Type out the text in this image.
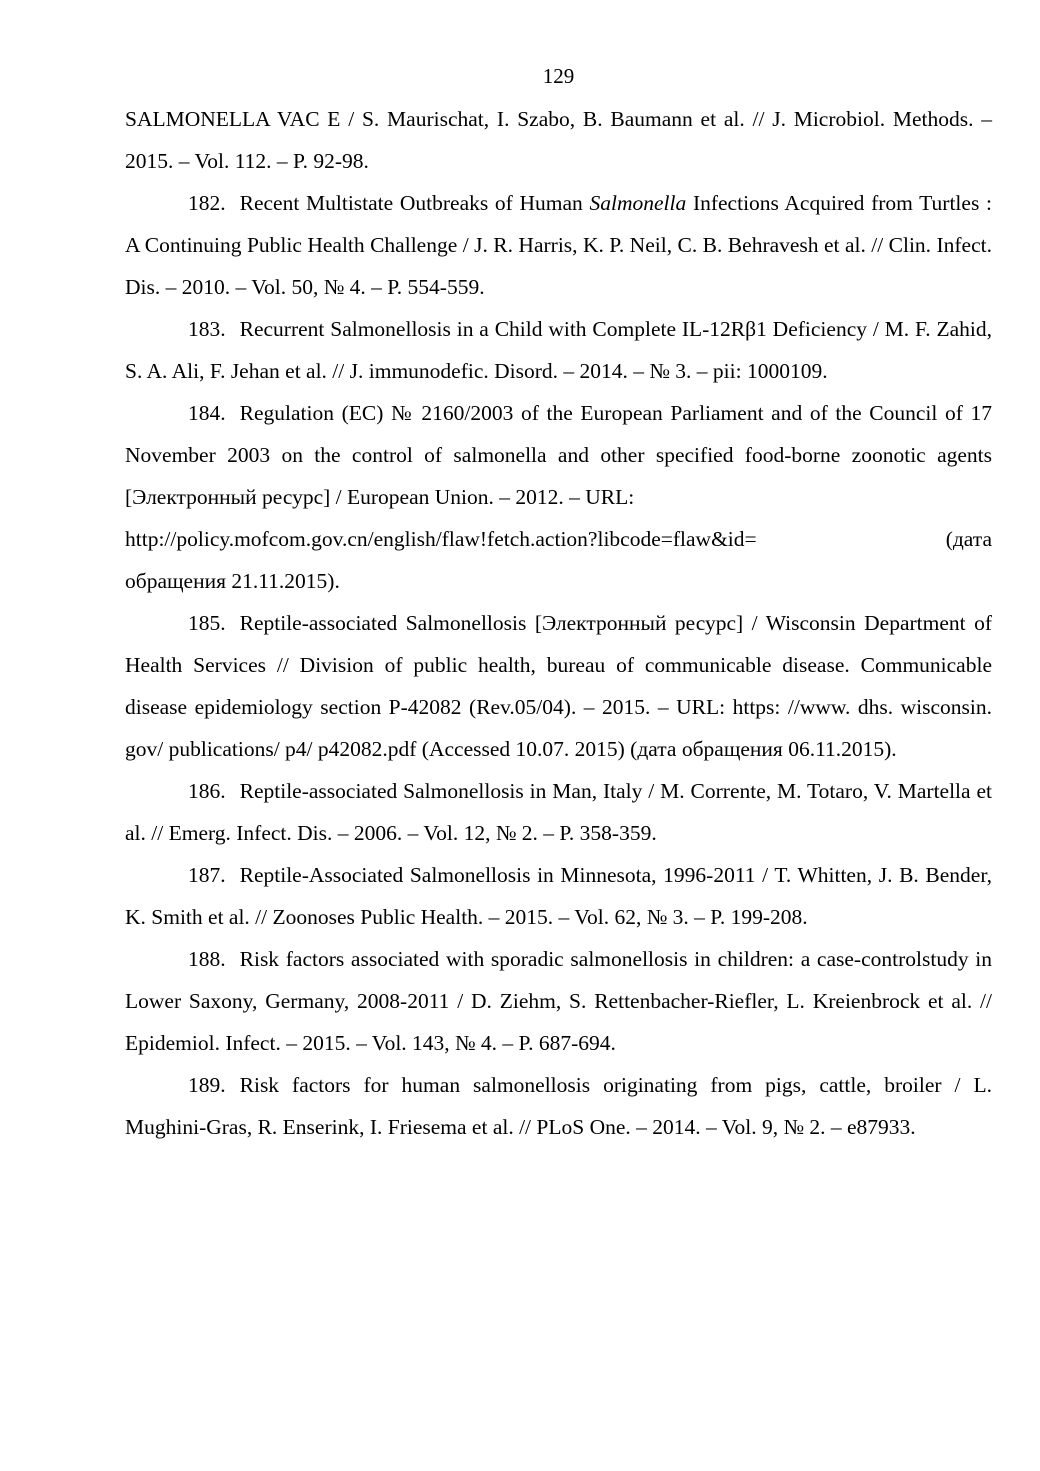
129

SALMONELLA VAC E / S. Maurischat, I. Szabo, B. Baumann et al. // J. Microbiol. Methods. – 2015. – Vol. 112. – P. 92-98.

182. Recent Multistate Outbreaks of Human Salmonella Infections Acquired from Turtles : A Continuing Public Health Challenge / J. R. Harris, K. P. Neil, C. B. Behravesh et al. // Clin. Infect. Dis. – 2010. – Vol. 50, № 4. – P. 554-559.

183. Recurrent Salmonellosis in a Child with Complete IL-12Rβ1 Deficiency / M. F. Zahid, S. A. Ali, F. Jehan et al. // J. immunodefic. Disord. – 2014. – № 3. – pii: 1000109.

184. Regulation (EC) № 2160/2003 of the European Parliament and of the Council of 17 November 2003 on the control of salmonella and other specified food-borne zoonotic agents [Электронный ресурс] / European Union. – 2012. – URL:

http://policy.mofcom.gov.cn/english/flaw!fetch.action?libcode=flaw&id=	(дата

обращения 21.11.2015).

185. Reptile-associated Salmonellosis [Электронный ресурс] / Wisconsin Department of Health Services // Division of public health, bureau of communicable disease. Communicable disease epidemiology section P-42082 (Rev.05/04). – 2015. – URL: https: //www. dhs. wisconsin. gov/ publications/ p4/ p42082.pdf (Accessed 10.07. 2015) (дата обращения 06.11.2015).

186. Reptile-associated Salmonellosis in Man, Italy / M. Corrente, M. Totaro, V. Martella et al. // Emerg. Infect. Dis. – 2006. – Vol. 12, № 2. – P. 358-359.

187. Reptile-Associated Salmonellosis in Minnesota, 1996-2011 / T. Whitten, J. B. Bender, K. Smith et al. // Zoonoses Public Health. – 2015. – Vol. 62, № 3. – P. 199-208.

188. Risk factors associated with sporadic salmonellosis in children: a case-controlstudy in Lower Saxony, Germany, 2008-2011 / D. Ziehm, S. Rettenbacher-Riefler, L. Kreienbrock et al. // Epidemiol. Infect. – 2015. – Vol. 143, № 4. – P. 687-694.

189. Risk factors for human salmonellosis originating from pigs, cattle, broiler / L. Mughini-Gras, R. Enserink, I. Friesema et al. // PLoS One. – 2014. – Vol. 9, № 2. – e87933.
